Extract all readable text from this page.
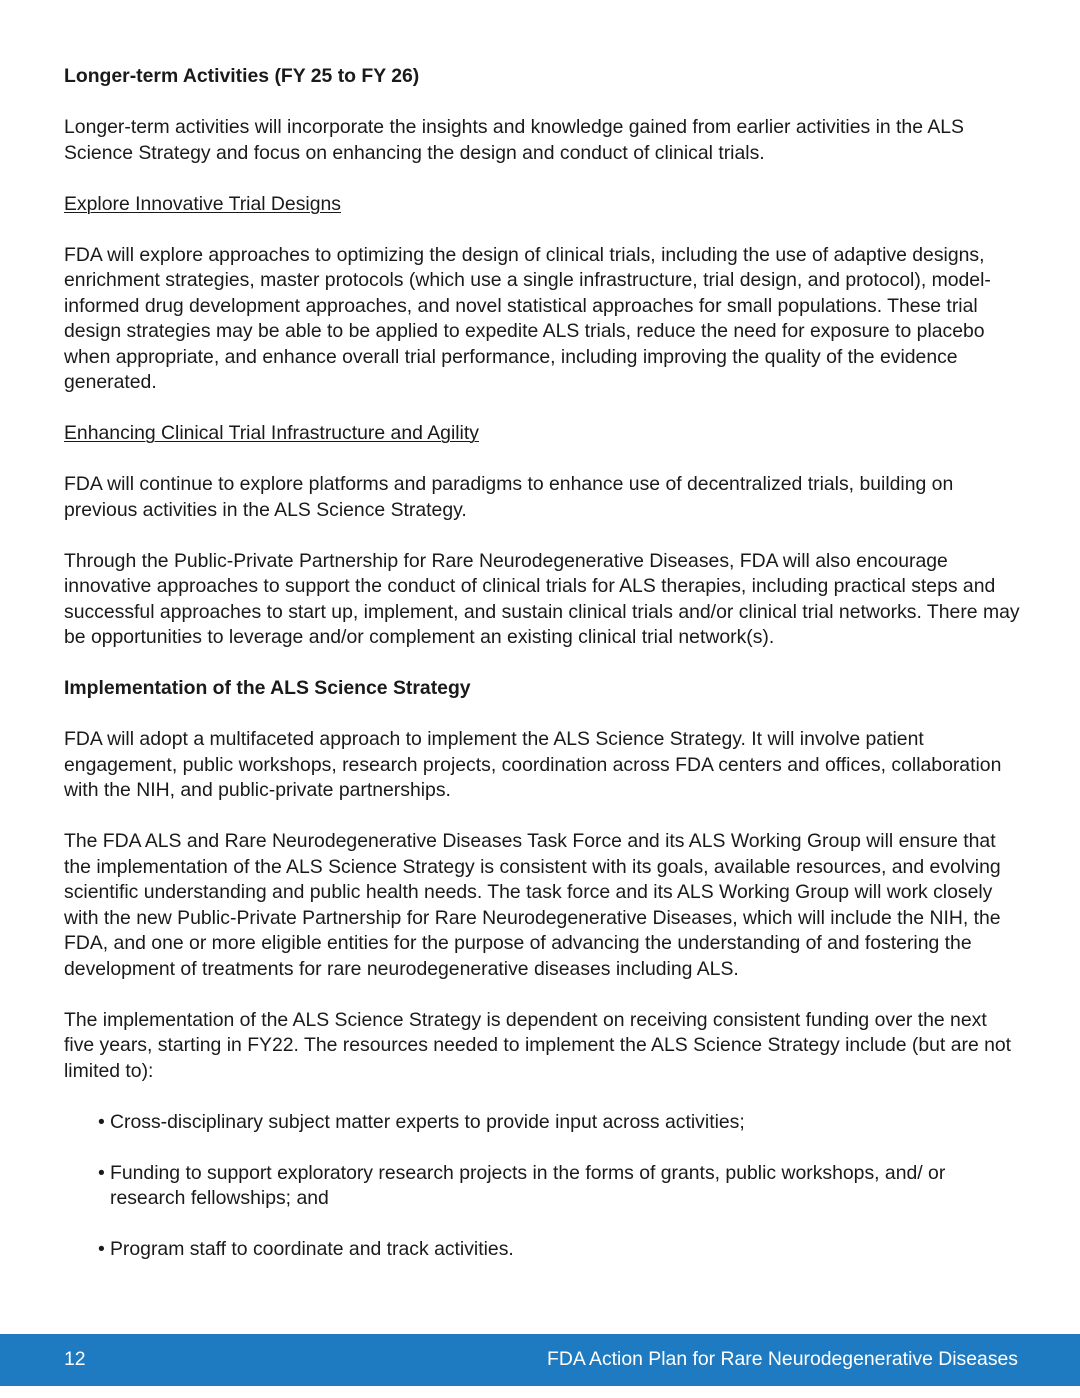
Longer-term Activities (FY 25 to FY 26)

Longer-term activities will incorporate the insights and knowledge gained from earlier activities in the ALS Science Strategy and focus on enhancing the design and conduct of clinical trials.

Explore Innovative Trial Designs

FDA will explore approaches to optimizing the design of clinical trials, including the use of adaptive designs, enrichment strategies, master protocols (which use a single infrastructure, trial design, and protocol), model-informed drug development approaches, and novel statistical approaches for small populations. These trial design strategies may be able to be applied to expedite ALS trials, reduce the need for exposure to placebo when appropriate, and enhance overall trial performance, including improving the quality of the evidence generated.

Enhancing Clinical Trial Infrastructure and Agility

FDA will continue to explore platforms and paradigms to enhance use of decentralized trials, building on previous activities in the ALS Science Strategy.

Through the Public-Private Partnership for Rare Neurodegenerative Diseases, FDA will also encourage innovative approaches to support the conduct of clinical trials for ALS therapies, including practical steps and successful approaches to start up, implement, and sustain clinical trials and/or clinical trial networks. There may be opportunities to leverage and/or complement an existing clinical trial network(s).

Implementation of the ALS Science Strategy

FDA will adopt a multifaceted approach to implement the ALS Science Strategy. It will involve patient engagement, public workshops, research projects, coordination across FDA centers and offices, collaboration with the NIH, and public-private partnerships.

The FDA ALS and Rare Neurodegenerative Diseases Task Force and its ALS Working Group will ensure that the implementation of the ALS Science Strategy is consistent with its goals, available resources, and evolving scientific understanding and public health needs. The task force and its ALS Working Group will work closely with the new Public-Private Partnership for Rare Neurodegenerative Diseases, which will include the NIH, the FDA, and one or more eligible entities for the purpose of advancing the understanding of and fostering the development of treatments for rare neurodegenerative diseases including ALS.

The implementation of the ALS Science Strategy is dependent on receiving consistent funding over the next five years, starting in FY22. The resources needed to implement the ALS Science Strategy include (but are not limited to):

• Cross-disciplinary subject matter experts to provide input across activities;
• Funding to support exploratory research projects in the forms of grants, public workshops, and/ or research fellowships; and
• Program staff to coordinate and track activities.
12	FDA Action Plan for Rare Neurodegenerative Diseases
